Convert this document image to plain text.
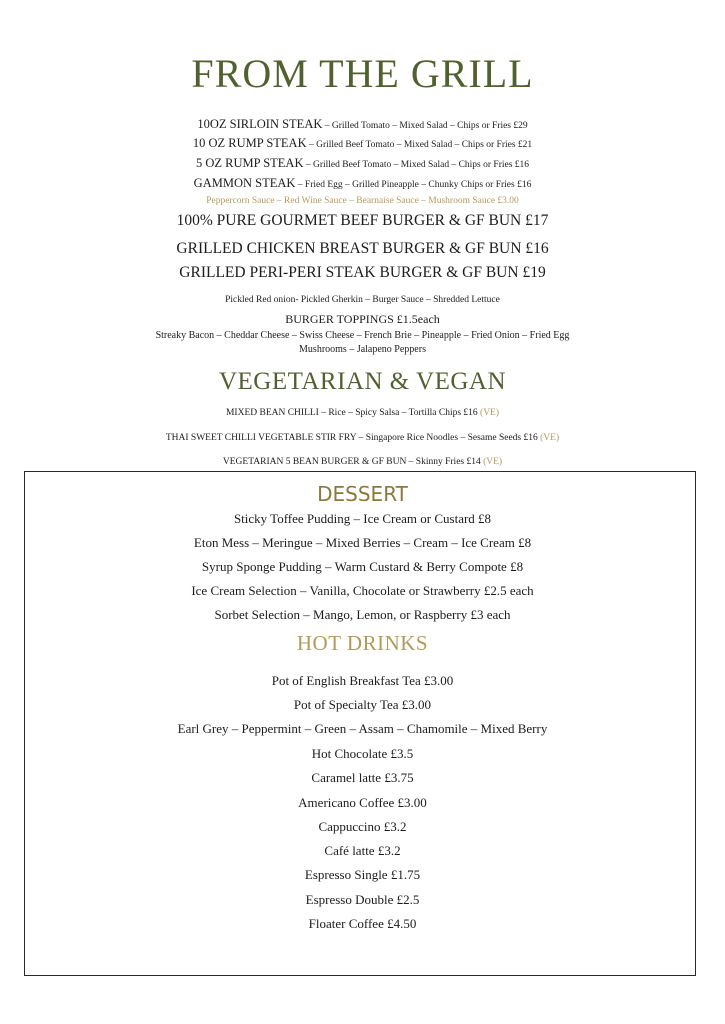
FROM THE GRILL
10OZ SIRLOIN STEAK – Grilled Tomato – Mixed Salad – Chips or Fries £29
10 OZ RUMP STEAK – Grilled Beef Tomato – Mixed Salad – Chips or Fries £21
5 OZ RUMP STEAK – Grilled Beef Tomato – Mixed Salad – Chips or Fries £16
GAMMON STEAK – Fried Egg – Grilled Pineapple – Chunky Chips or Fries £16
Peppercorn Sauce – Red Wine Sauce – Bearnaise Sauce – Mushroom Sauce £3.00
100% PURE GOURMET BEEF BURGER & GF BUN £17
GRILLED CHICKEN BREAST BURGER & GF BUN £16
GRILLED PERI-PERI STEAK BURGER & GF BUN £19
Pickled Red onion- Pickled Gherkin – Burger Sauce – Shredded Lettuce
BURGER TOPPINGS £1.5each
Streaky Bacon – Cheddar Cheese – Swiss Cheese – French Brie – Pineapple – Fried Onion – Fried Egg
Mushrooms – Jalapeno Peppers
VEGETARIAN & VEGAN
MIXED BEAN CHILLI – Rice – Spicy Salsa – Tortilla Chips £16 (VE)
THAI SWEET CHILLI VEGETABLE STIR FRY – Singapore Rice Noodles – Sesame Seeds £16 (VE)
VEGETARIAN 5 BEAN BURGER & GF BUN – Skinny Fries £14 (VE)
DESSERT
Sticky Toffee Pudding – Ice Cream or Custard £8
Eton Mess – Meringue – Mixed Berries – Cream – Ice Cream £8
Syrup Sponge Pudding – Warm Custard & Berry Compote £8
Ice Cream Selection – Vanilla, Chocolate or Strawberry £2.5 each
Sorbet Selection – Mango, Lemon, or Raspberry £3 each
HOT DRINKS
Pot of English Breakfast Tea £3.00
Pot of Specialty Tea £3.00
Earl Grey – Peppermint – Green – Assam – Chamomile – Mixed Berry
Hot Chocolate £3.5
Caramel latte £3.75
Americano Coffee £3.00
Cappuccino £3.2
Café latte £3.2
Espresso Single £1.75
Espresso Double £2.5
Floater Coffee £4.50
